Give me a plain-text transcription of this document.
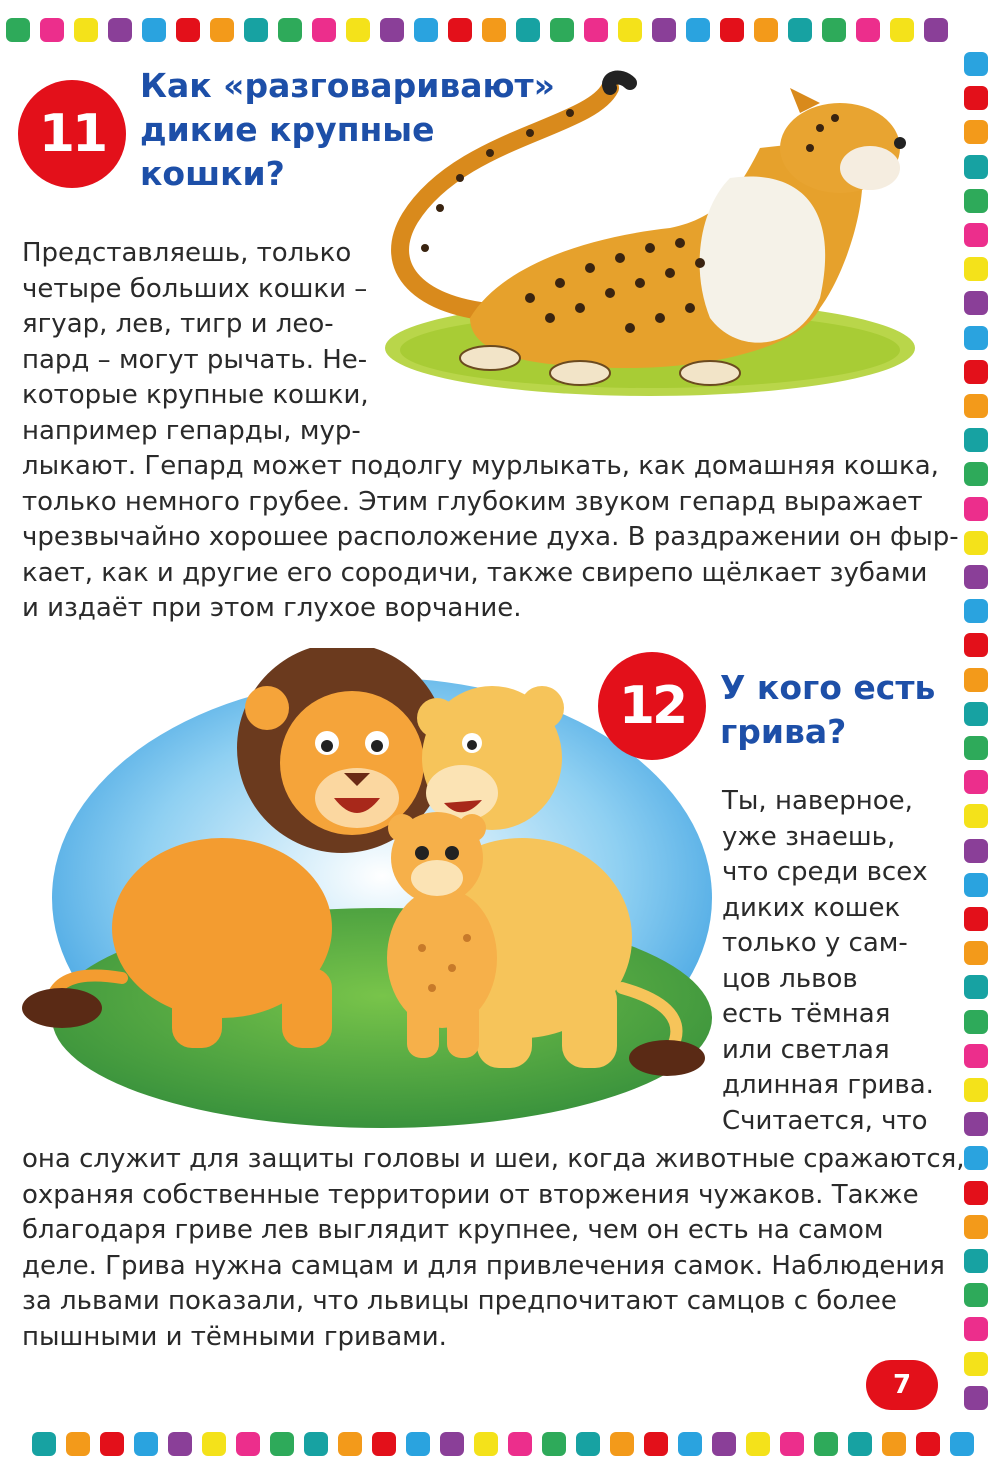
11
Как «разговаривают»
дикие крупные
кошки?
Представляешь, только
четыре больших кошки –
ягуар, лев, тигр и лео-
пард – могут рычать. Не-
которые крупные кошки,
например гепарды, мур-
лыкают. Гепард может подолгу мурлыкать, как домашняя кошка,
только немного грубее. Этим глубоким звуком гепард выражает
чрезвычайно хорошее расположение духа. В раздражении он фыр-
кает, как и другие его сородичи, также свирепо щёлкает зубами
и издаёт при этом глухое ворчание.
12 У кого есть
грива?
Ты, наверное,
уже знаешь,
что среди всех
диких кошек
только у сам-
цов львов
есть тёмная
или светлая
длинная грива.
Считается, что
она служит для защиты головы и шеи, когда животные сражаются,
охраняя собственные территории от вторжения чужаков. Также
благодаря гриве лев выглядит крупнее, чем он есть на самом
деле. Грива нужна самцам и для привлечения самок. Наблюдения
за львами показали, что львицы предпочитают самцов с более
пышными и тёмными гривами.
7
